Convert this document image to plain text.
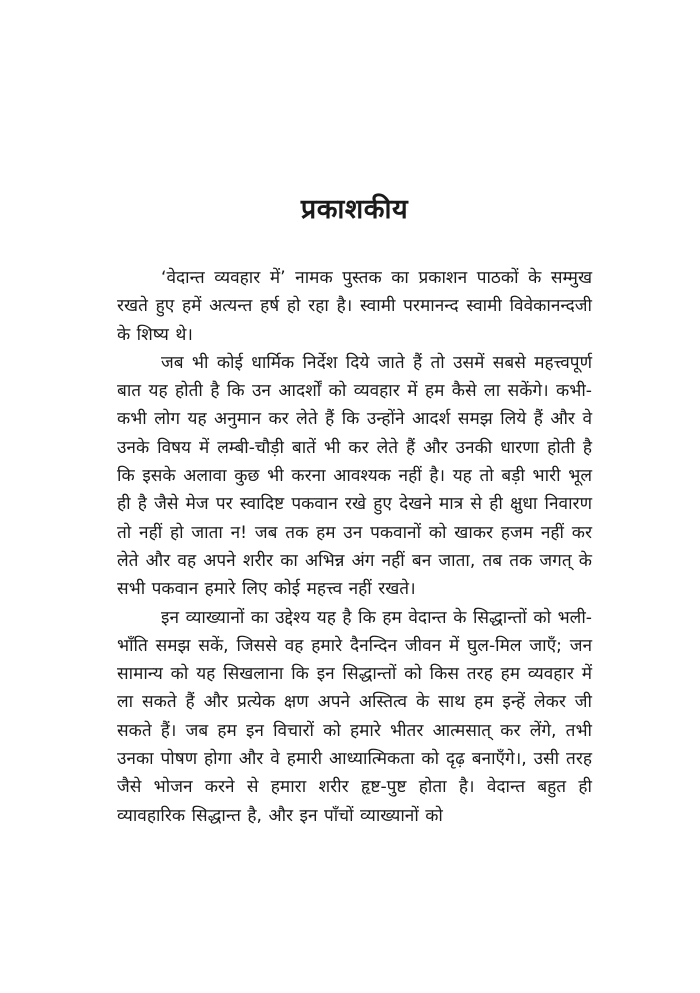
प्रकाशकीय

‘वेदान्त व्यवहार में’ नामक पुस्तक का प्रकाशन पाठकों के सम्मुख रखते हुए हमें अत्यन्त हर्ष हो रहा है। स्वामी परमानन्द स्वामी विवेकानन्दजी के शिष्य थे।

जब भी कोई धार्मिक निर्देश दिये जाते हैं तो उसमें सबसे महत्त्वपूर्ण बात यह होती है कि उन आदर्शों को व्यवहार में हम कैसे ला सकेंगे। कभी-कभी लोग यह अनुमान कर लेते हैं कि उन्होंने आदर्श समझ लिये हैं और वे उनके विषय में लम्बी-चौड़ी बातें भी कर लेते हैं और उनकी धारणा होती है कि इसके अलावा कुछ भी करना आवश्यक नहीं है। यह तो बड़ी भारी भूल ही है जैसे मेज पर स्वादिष्ट पकवान रखे हुए देखने मात्र से ही क्षुधा निवारण तो नहीं हो जाता न! जब तक हम उन पकवानों को खाकर हजम नहीं कर लेते और वह अपने शरीर का अभिन्न अंग नहीं बन जाता, तब तक जगत् के सभी पकवान हमारे लिए कोई महत्त्व नहीं रखते।

इन व्याख्यानों का उद्देश्य यह है कि हम वेदान्त के सिद्धान्तों को भली-भाँति समझ सकें, जिससे वह हमारे दैनन्दिन जीवन में घुल-मिल जाएँ; जन सामान्य को यह सिखलाना कि इन सिद्धान्तों को किस तरह हम व्यवहार में ला सकते हैं और प्रत्येक क्षण अपने अस्तित्व के साथ हम इन्हें लेकर जी सकते हैं। जब हम इन विचारों को हमारे भीतर आत्मसात् कर लेंगे, तभी उनका पोषण होगा और वे हमारी आध्यात्मिकता को दृढ़ बनाएँगे।, उसी तरह जैसे भोजन करने से हमारा शरीर हृष्ट-पुष्ट होता है। वेदान्त बहुत ही व्यावहारिक सिद्धान्त है, और इन पाँचों व्याख्यानों को
